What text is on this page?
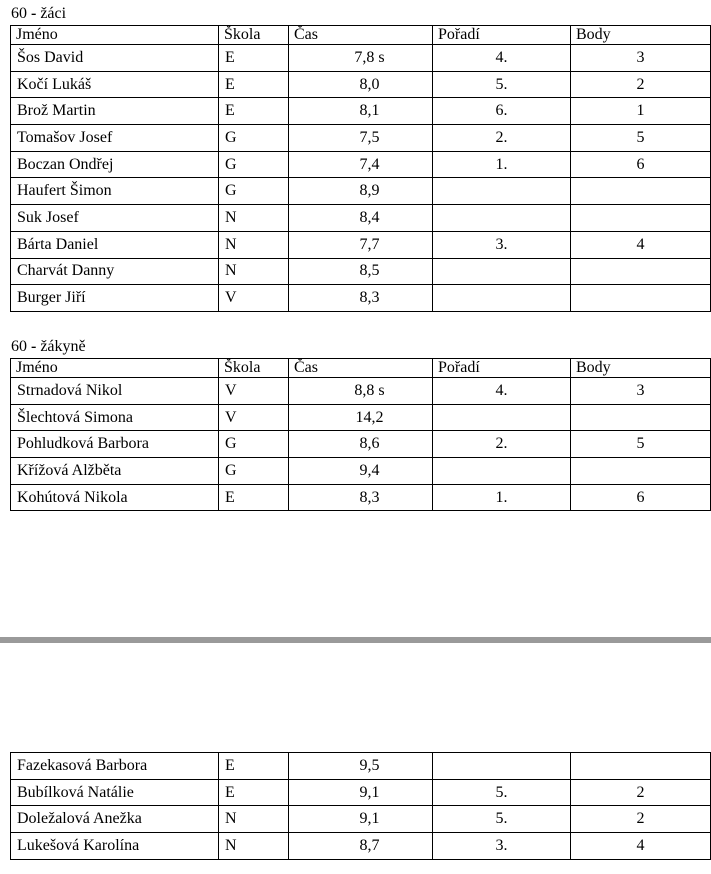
60 - žáci
Jméno	Škola	Čas	Pořadí	Body
Šos David	E	7,8 s	4.	3
Kočí Lukáš	E	8,0	5.	2
Brož Martin	E	8,1	6.	1
Tomašov Josef	G	7,5	2.	5
Boczan Ondřej	G	7,4	1.	6
Haufert Šimon	G	8,9		
Suk Josef	N	8,4		
Bárta Daniel	N	7,7	3.	4
Charvát Danny	N	8,5		
Burger Jiří	V	8,3		
60 - žákyně
Jméno	Škola	Čas	Pořadí	Body
Strnadová Nikol	V	8,8 s	4.	3
Šlechtová Simona	V	14,2		
Pohludková Barbora	G	8,6	2.	5
Křížová Alžběta	G	9,4		
Kohútová Nikola	E	8,3	1.	6
Fazekasová Barbora	E	9,5		
Bubílková Natálie	E	9,1	5.	2
Doležalová Anežka	N	9,1	5.	2
Lukešová Karolína	N	8,7	3.	4
